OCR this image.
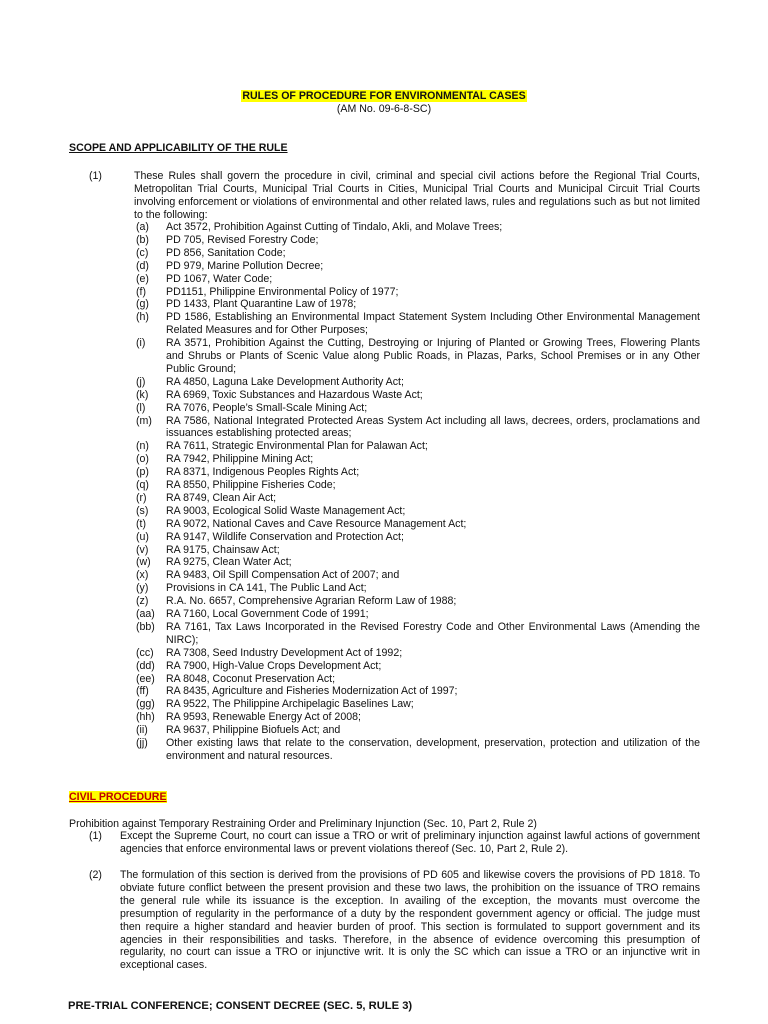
RULES OF PROCEDURE FOR ENVIRONMENTAL CASES
(AM No. 09-6-8-SC)
SCOPE AND APPLICABILITY OF THE RULE
(1)	These Rules shall govern the procedure in civil, criminal and special civil actions before the Regional Trial Courts, Metropolitan Trial Courts, Municipal Trial Courts in Cities, Municipal Trial Courts and Municipal Circuit Trial Courts involving enforcement or violations of environmental and other related laws, rules and regulations such as but not limited to the following:
(a) Act 3572, Prohibition Against Cutting of Tindalo, Akli, and Molave Trees;
(b) PD 705, Revised Forestry Code;
(c) PD 856, Sanitation Code;
(d) PD 979, Marine Pollution Decree;
(e) PD 1067, Water Code;
(f) PD1151, Philippine Environmental Policy of 1977;
(g) PD 1433, Plant Quarantine Law of 1978;
(h) PD 1586, Establishing an Environmental Impact Statement System Including Other Environmental Management Related Measures and for Other Purposes;
(i) RA 3571, Prohibition Against the Cutting, Destroying or Injuring of Planted or Growing Trees, Flowering Plants and Shrubs or Plants of Scenic Value along Public Roads, in Plazas, Parks, School Premises or in any Other Public Ground;
(j) RA 4850, Laguna Lake Development Authority Act;
(k) RA 6969, Toxic Substances and Hazardous Waste Act;
(l) RA 7076, People’s Small-Scale Mining Act;
(m) RA 7586, National Integrated Protected Areas System Act including all laws, decrees, orders, proclamations and issuances establishing protected areas;
(n) RA 7611, Strategic Environmental Plan for Palawan Act;
(o) RA 7942, Philippine Mining Act;
(p) RA 8371, Indigenous Peoples Rights Act;
(q) RA 8550, Philippine Fisheries Code;
(r) RA 8749, Clean Air Act;
(s) RA 9003, Ecological Solid Waste Management Act;
(t) RA 9072, National Caves and Cave Resource Management Act;
(u) RA 9147, Wildlife Conservation and Protection Act;
(v) RA 9175, Chainsaw Act;
(w) RA 9275, Clean Water Act;
(x) RA 9483, Oil Spill Compensation Act of 2007; and
(y) Provisions in CA 141, The Public Land Act;
(z) R.A. No. 6657, Comprehensive Agrarian Reform Law of 1988;
(aa) RA 7160, Local Government Code of 1991;
(bb) RA 7161, Tax Laws Incorporated in the Revised Forestry Code and Other Environmental Laws (Amending the NIRC);
(cc) RA 7308, Seed Industry Development Act of 1992;
(dd) RA 7900, High-Value Crops Development Act;
(ee) RA 8048, Coconut Preservation Act;
(ff) RA 8435, Agriculture and Fisheries Modernization Act of 1997;
(gg) RA 9522, The Philippine Archipelagic Baselines Law;
(hh) RA 9593, Renewable Energy Act of 2008;
(ii) RA 9637, Philippine Biofuels Act; and
(jj) Other existing laws that relate to the conservation, development, preservation, protection and utilization of the environment and natural resources.
CIVIL PROCEDURE
Prohibition against Temporary Restraining Order and Preliminary Injunction (Sec. 10, Part 2, Rule 2)
(1) Except the Supreme Court, no court can issue a TRO or writ of preliminary injunction against lawful actions of government agencies that enforce environmental laws or prevent violations thereof (Sec. 10, Part 2, Rule 2).
(2) The formulation of this section is derived from the provisions of PD 605 and likewise covers the provisions of PD 1818. To obviate future conflict between the present provision and these two laws, the prohibition on the issuance of TRO remains the general rule while its issuance is the exception. In availing of the exception, the movants must overcome the presumption of regularity in the performance of a duty by the respondent government agency or official. The judge must then require a higher standard and heavier burden of proof. This section is formulated to support government and its agencies in their responsibilities and tasks. Therefore, in the absence of evidence overcoming this presumption of regularity, no court can issue a TRO or injunctive writ. It is only the SC which can issue a TRO or an injunctive writ in exceptional cases.
PRE-TRIAL CONFERENCE; CONSENT DECREE (SEC. 5, RULE 3)
